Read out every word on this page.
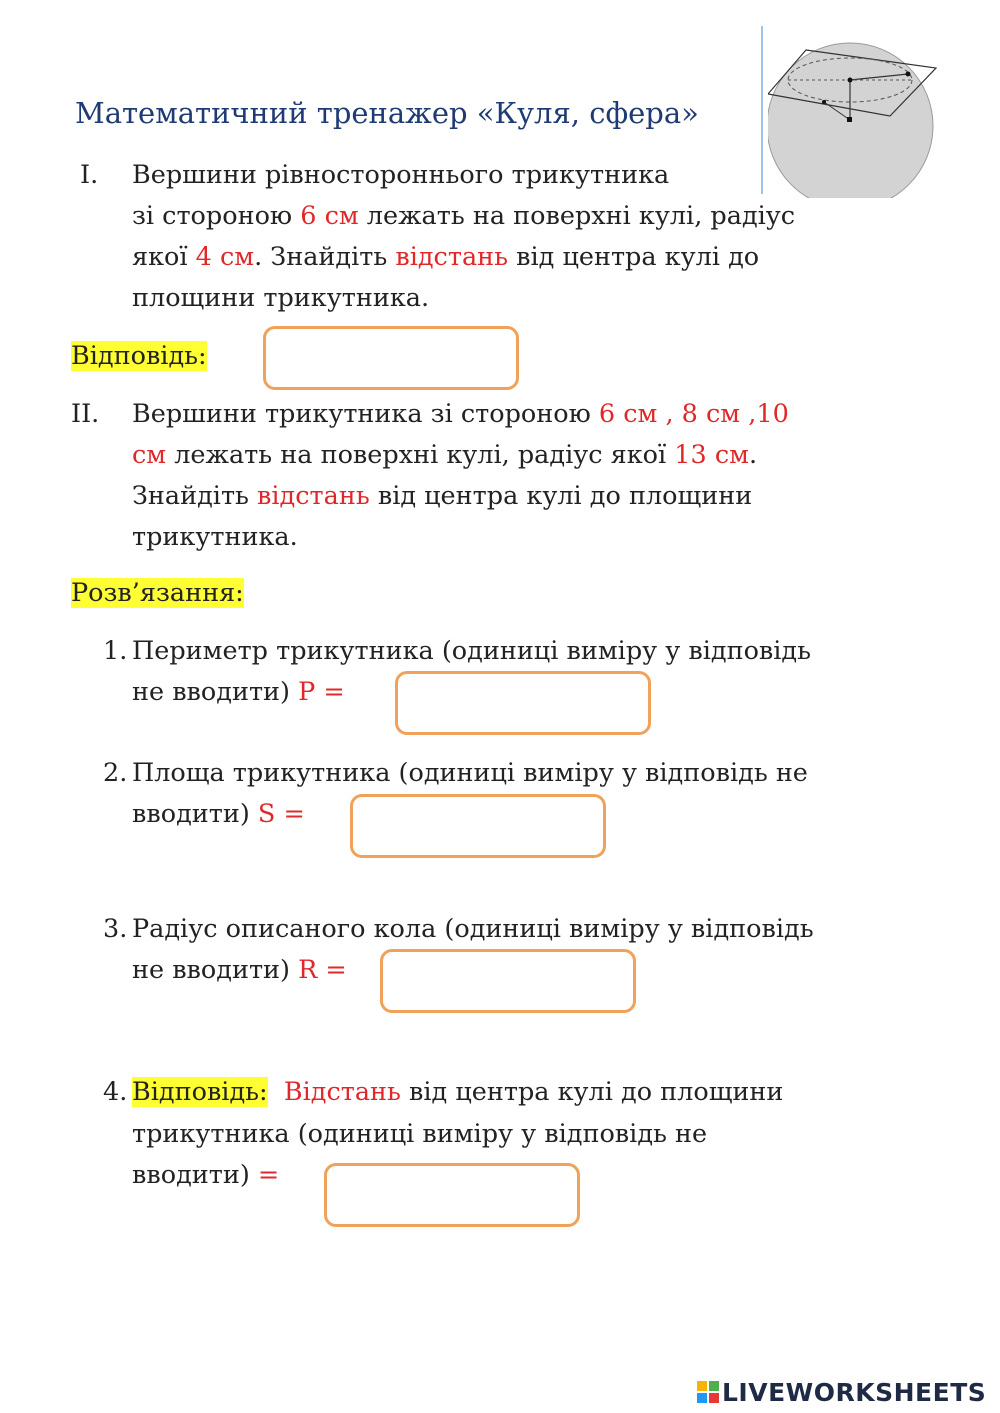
Математичний тренажер «Куля, сфера»
I. Вершини рівностороннього трикутника
зі стороною 6 см лежать на поверхні кулі, радіус
якої 4 см. Знайдіть відстань від центра кулі до
площини трикутника.
Відповідь:
II. Вершини трикутника зі стороною 6 см , 8 см ,10
см лежать на поверхні кулі, радіус якої 13 см.
Знайдіть відстань від центра кулі до площини
трикутника.
Розв’язання:
1. Периметр трикутника (одиниці виміру у відповідь
не вводити) P =
2. Площа трикутника (одиниці виміру у відповідь не
вводити) S =
3. Радіус описаного кола (одиниці виміру у відповідь
не вводити) R =
4. Відповідь: Відстань від центра кулі до площини
трикутника (одиниці виміру у відповідь не
вводити) =
LIVEWORKSHEETS
